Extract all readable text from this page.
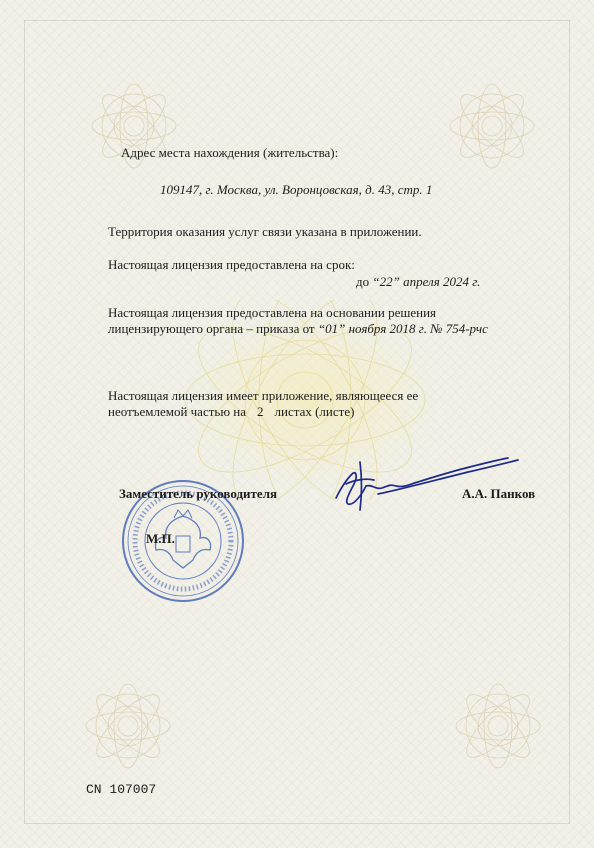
Адрес места нахождения (жительства):
109147, г. Москва, ул. Воронцовская, д. 43, стр. 1
Территория оказания услуг связи указана в приложении.
Настоящая лицензия предоставлена на срок:
до “22” апреля 2024 г.
Настоящая лицензия предоставлена на основании решения
лицензирующего органа – приказа от “01” ноября 2018 г. № 754-рчс
Настоящая лицензия имеет приложение, являющееся ее
неотъемлемой частью на 2 листах (листе)
Заместитель руководителя	А.А. Панков
М.П.
CN 107007
